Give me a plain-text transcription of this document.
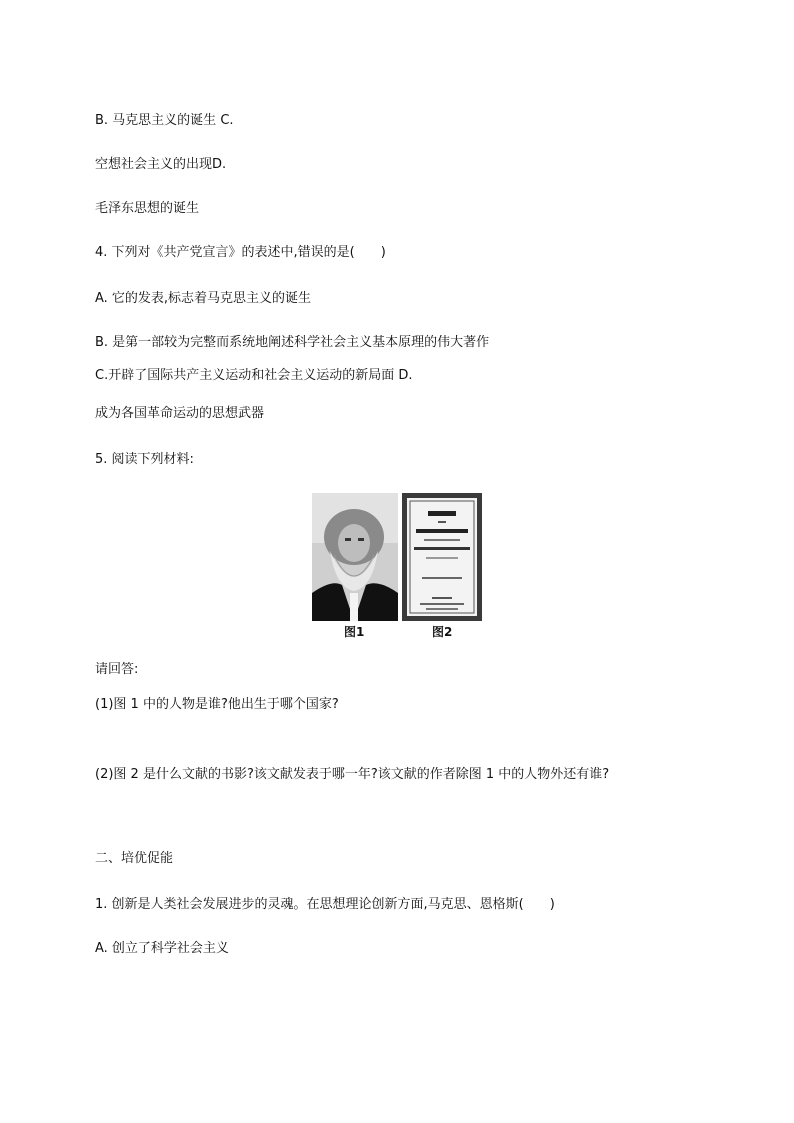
B. 马克思主义的诞生 C.
空想社会主义的出现D.
毛泽东思想的诞生
4. 下列对《共产党宣言》的表述中,错误的是(　　)
A. 它的发表,标志着马克思主义的诞生
B. 是第一部较为完整而系统地阐述科学社会主义基本原理的伟大著作
C.开辟了国际共产主义运动和社会主义运动的新局面 D.
成为各国革命运动的思想武器
5. 阅读下列材料:
图1	图2
请回答:
(1)图 1 中的人物是谁?他出生于哪个国家?
(2)图 2 是什么文献的书影?该文献发表于哪一年?该文献的作者除图 1 中的人物外还有谁?
二、培优促能
1. 创新是人类社会发展进步的灵魂。在思想理论创新方面,马克思、恩格斯(　　)
A. 创立了科学社会主义
